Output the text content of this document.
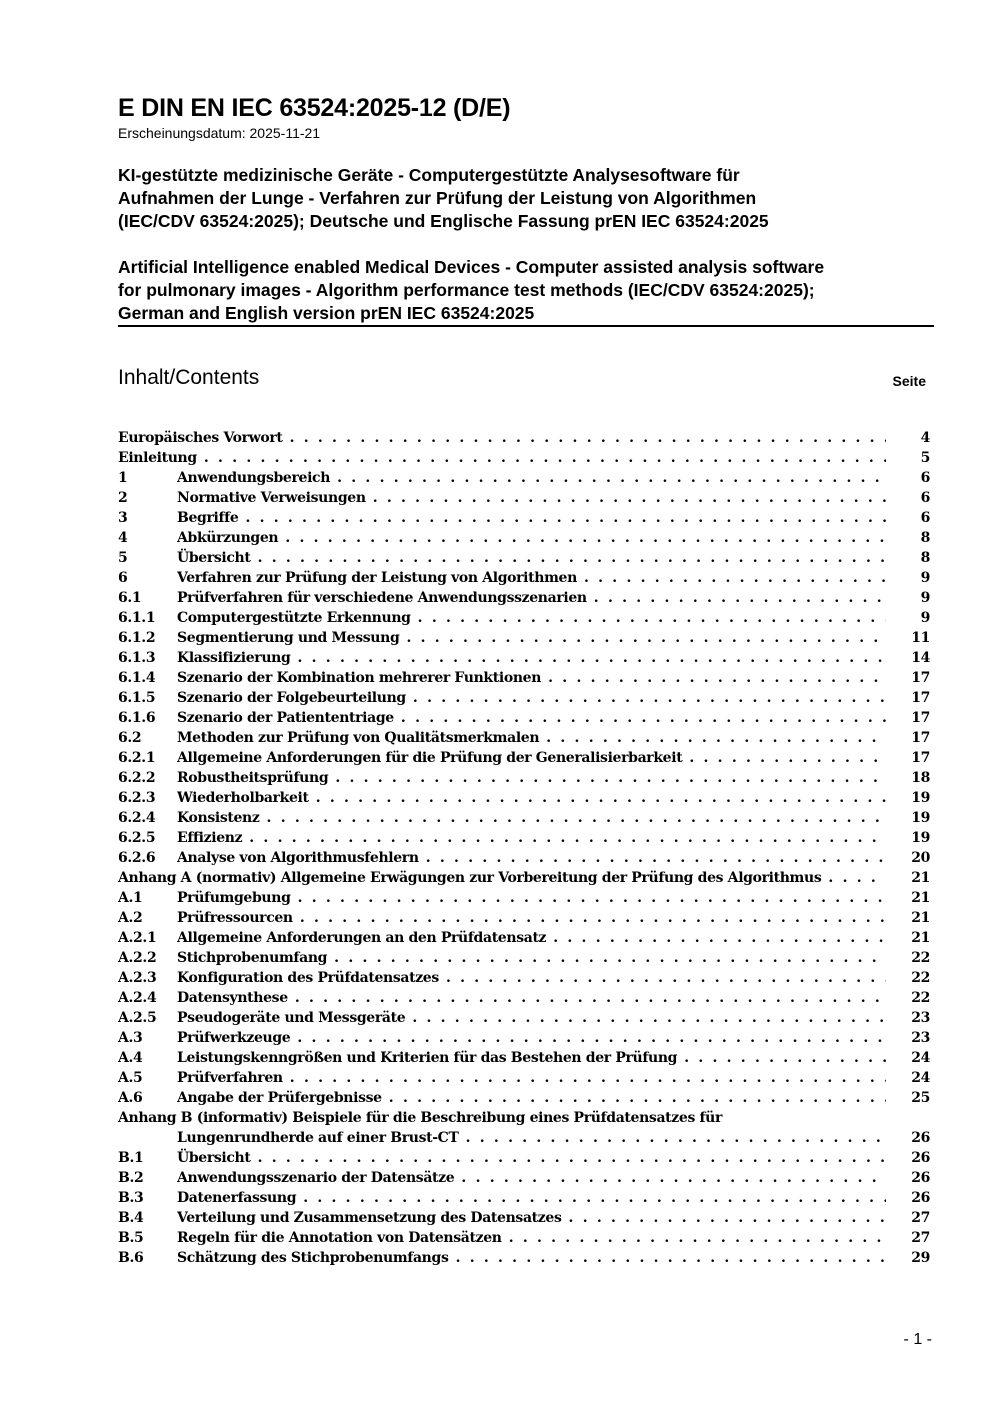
E DIN EN IEC 63524:2025-12 (D/E)
Erscheinungsdatum: 2025-11-21
KI-gestützte medizinische Geräte - Computergestützte Analysesoftware für
Aufnahmen der Lunge - Verfahren zur Prüfung der Leistung von Algorithmen
(IEC/CDV 63524:2025); Deutsche und Englische Fassung prEN IEC 63524:2025
Artificial Intelligence enabled Medical Devices - Computer assisted analysis software
for pulmonary images - Algorithm performance test methods (IEC/CDV 63524:2025);
German and English version prEN IEC 63524:2025
Inhalt/Contents	Seite
Europäisches Vorwort . . .	4
Einleitung . . .	5
1	Anwendungsbereich . . .	6
2	Normative Verweisungen . . .	6
3	Begriffe . . .	6
4	Abkürzungen . . .	8
5	Übersicht . . .	8
6	Verfahren zur Prüfung der Leistung von Algorithmen . . .	9
6.1	Prüfverfahren für verschiedene Anwendungsszenarien . . .	9
6.1.1 Computergestützte Erkennung . . .	9
6.1.2 Segmentierung und Messung . . .	11
6.1.3 Klassifizierung . . .	14
6.1.4 Szenario der Kombination mehrerer Funktionen . . .	17
6.1.5 Szenario der Folgebeurteilung . . .	17
6.1.6 Szenario der Patiententriage . . .	17
6.2	Methoden zur Prüfung von Qualitätsmerkmalen . . .	17
6.2.1 Allgemeine Anforderungen für die Prüfung der Generalisierbarkeit . . .	17
6.2.2 Robustheitsprüfung . . .	18
6.2.3 Wiederholbarkeit . . .	19
6.2.4 Konsistenz . . .	19
6.2.5 Effizienz . . .	19
6.2.6 Analyse von Algorithmusfehlern . . .	20
Anhang A (normativ) Allgemeine Erwägungen zur Vorbereitung der Prüfung des Algorithmus . . .	21
A.1 Prüfumgebung . . .	21
A.2 Prüfressourcen . . .	21
A.2.1 Allgemeine Anforderungen an den Prüfdatensatz . . .	21
A.2.2 Stichprobenumfang . . .	22
A.2.3 Konfiguration des Prüfdatensatzes . . .	22
A.2.4 Datensynthese . . .	22
A.2.5 Pseudogeräte und Messgeräte . . .	23
A.3 Prüfwerkzeuge . . .	23
A.4 Leistungskenngrößen und Kriterien für das Bestehen der Prüfung . . .	24
A.5 Prüfverfahren . . .	24
A.6 Angabe der Prüfergebnisse . . .	25
Anhang B (informativ) Beispiele für die Beschreibung eines Prüfdatensatzes für
Lungenrundherde auf einer Brust-CT . . .	26
B.1 Übersicht . . .	26
B.2 Anwendungsszenario der Datensätze . . .	26
B.3 Datenerfassung . . .	26
B.4 Verteilung und Zusammensetzung des Datensatzes . . .	27
B.5 Regeln für die Annotation von Datensätzen . . .	27
B.6 Schätzung des Stichprobenumfangs . . .	29
- 1 -
